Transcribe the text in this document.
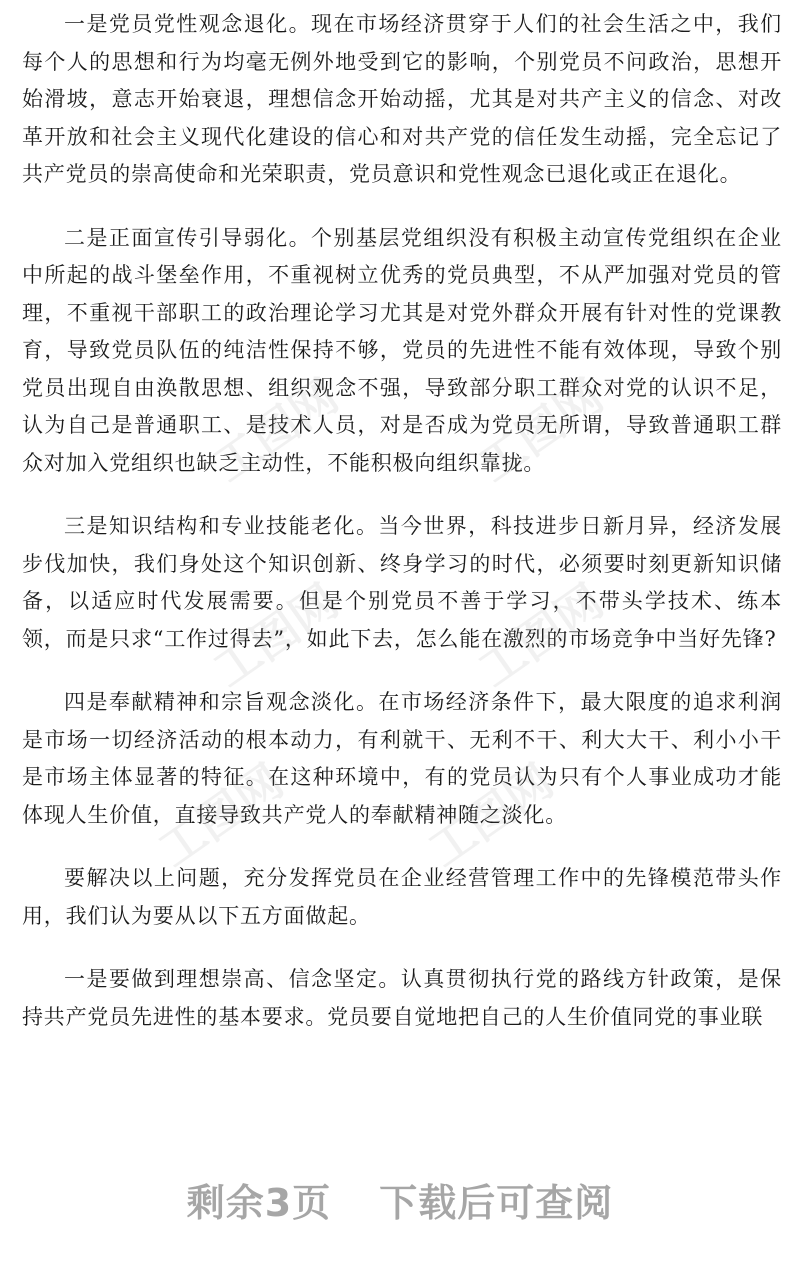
一是党员党性观念退化。现在市场经济贯穿于人们的社会生活之中，我们每个人的思想和行为均毫无例外地受到它的影响，个别党员不问政治，思想开始滑坡，意志开始衰退，理想信念开始动摇，尤其是对共产主义的信念、对改革开放和社会主义现代化建设的信心和对共产党的信任发生动摇，完全忘记了共产党员的崇高使命和光荣职责，党员意识和党性观念已退化或正在退化。

二是正面宣传引导弱化。个别基层党组织没有积极主动宣传党组织在企业中所起的战斗堡垒作用，不重视树立优秀的党员典型，不从严加强对党员的管理，不重视干部职工的政治理论学习尤其是对党外群众开展有针对性的党课教育，导致党员队伍的纯洁性保持不够，党员的先进性不能有效体现，导致个别党员出现自由涣散思想、组织观念不强，导致部分职工群众对党的认识不足，认为自己是普通职工、是技术人员，对是否成为党员无所谓，导致普通职工群众对加入党组织也缺乏主动性，不能积极向组织靠拢。

三是知识结构和专业技能老化。当今世界，科技进步日新月异，经济发展步伐加快，我们身处这个知识创新、终身学习的时代，必须要时刻更新知识储备，以适应时代发展需要。但是个别党员不善于学习，不带头学技术、练本领，而是只求“工作过得去”，如此下去，怎么能在激烈的市场竞争中当好先锋?

四是奉献精神和宗旨观念淡化。在市场经济条件下，最大限度的追求利润是市场一切经济活动的根本动力，有利就干、无利不干、利大大干、利小小干是市场主体显著的特征。在这种环境中，有的党员认为只有个人事业成功才能体现人生价值，直接导致共产党人的奉献精神随之淡化。

要解决以上问题，充分发挥党员在企业经营管理工作中的先锋模范带头作用，我们认为要从以下五方面做起。

一是要做到理想崇高、信念坚定。认真贯彻执行党的路线方针政策，是保持共产党员先进性的基本要求。党员要自觉地把自己的人生价值同党的事业联

工图网	工图网
工图网	工图网
工图网	工图网
剩余3页 下载后可查阅
